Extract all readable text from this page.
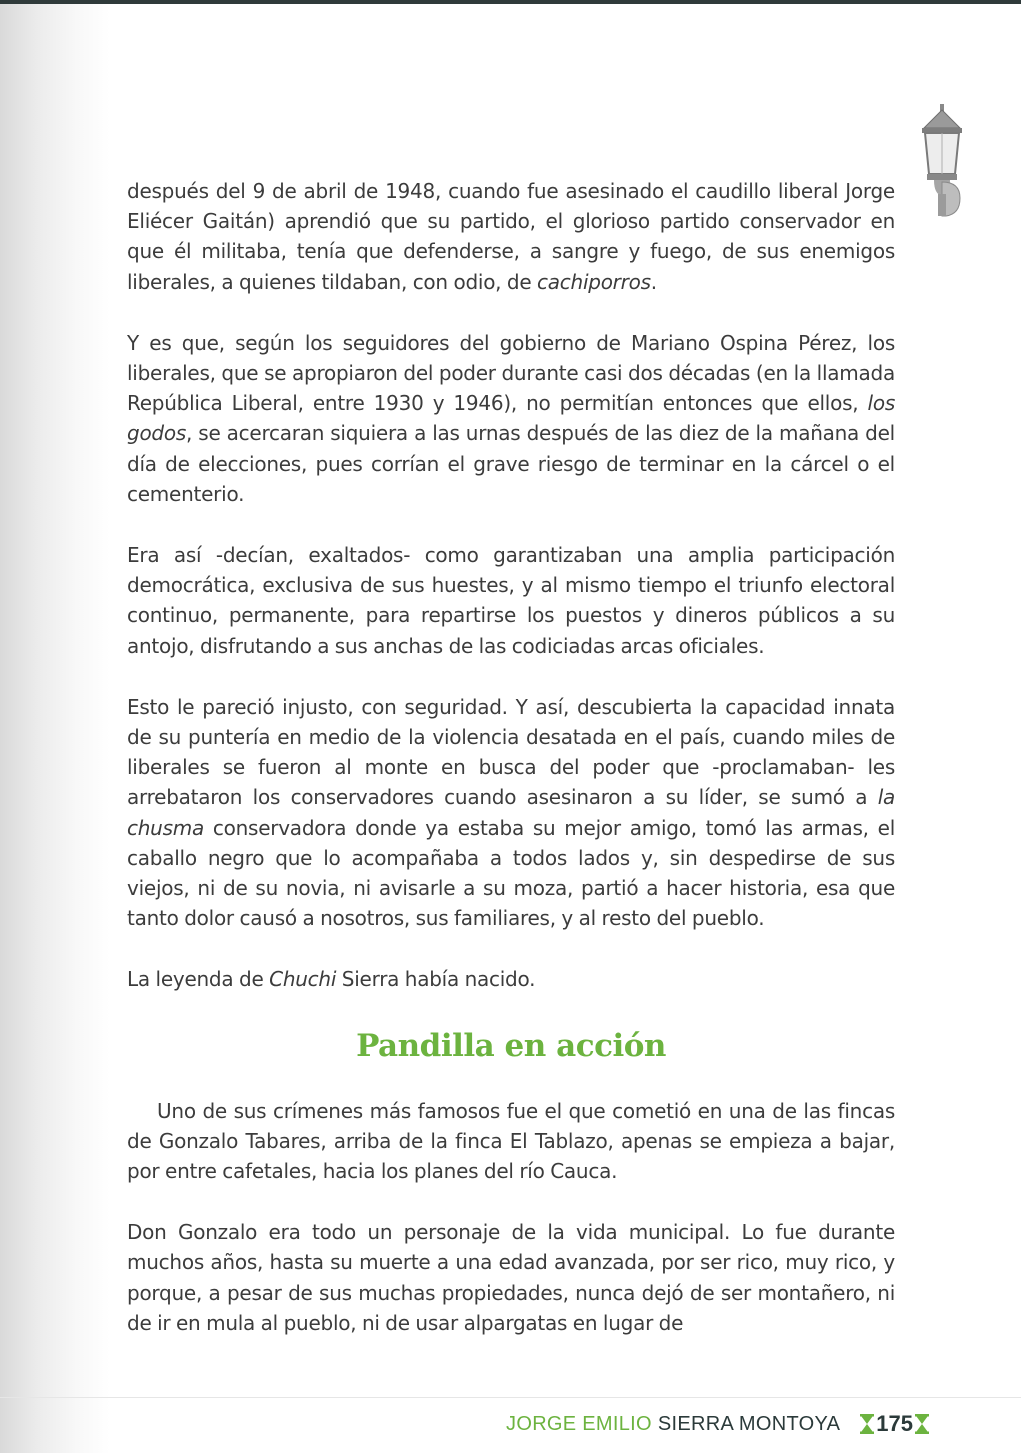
después del 9 de abril de 1948, cuando fue asesinado el caudillo liberal Jorge Eliécer Gaitán) aprendió que su partido, el glorioso partido conservador en que él militaba, tenía que defenderse, a sangre y fuego, de sus enemigos liberales, a quienes tildaban, con odio, de cachiporros.

Y es que, según los seguidores del gobierno de Mariano Ospina Pérez, los liberales, que se apropiaron del poder durante casi dos décadas (en la llamada República Liberal, entre 1930 y 1946), no permitían entonces que ellos, los godos, se acercaran siquiera a las urnas después de las diez de la mañana del día de elecciones, pues corrían el grave riesgo de terminar en la cárcel o el cementerio.

Era así -decían, exaltados- como garantizaban una amplia participación democrática, exclusiva de sus huestes, y al mismo tiempo el triunfo electoral continuo, permanente, para repartirse los puestos y dineros públicos a su antojo, disfrutando a sus anchas de las codiciadas arcas oficiales.

Esto le pareció injusto, con seguridad. Y así, descubierta la capacidad innata de su puntería en medio de la violencia desatada en el país, cuando miles de liberales se fueron al monte en busca del poder que -proclamaban- les arrebataron los conservadores cuando asesinaron a su líder, se sumó a la chusma conservadora donde ya estaba su mejor amigo, tomó las armas, el caballo negro que lo acompañaba a todos lados y, sin despedirse de sus viejos, ni de su novia, ni avisarle a su moza, partió a hacer historia, esa que tanto dolor causó a nosotros, sus familiares, y al resto del pueblo.

La leyenda de Chuchi Sierra había nacido.

Pandilla en acción

Uno de sus crímenes más famosos fue el que cometió en una de las fincas de Gonzalo Tabares, arriba de la finca El Tablazo, apenas se empieza a bajar, por entre cafetales, hacia los planes del río Cauca.

Don Gonzalo era todo un personaje de la vida municipal. Lo fue durante muchos años, hasta su muerte a una edad avanzada, por ser rico, muy rico, y porque, a pesar de sus muchas propiedades, nunca dejó de ser montañero, ni de ir en mula al pueblo, ni de usar alpargatas en lugar de

JORGE EMILIO SIERRA MONTOYA 175
